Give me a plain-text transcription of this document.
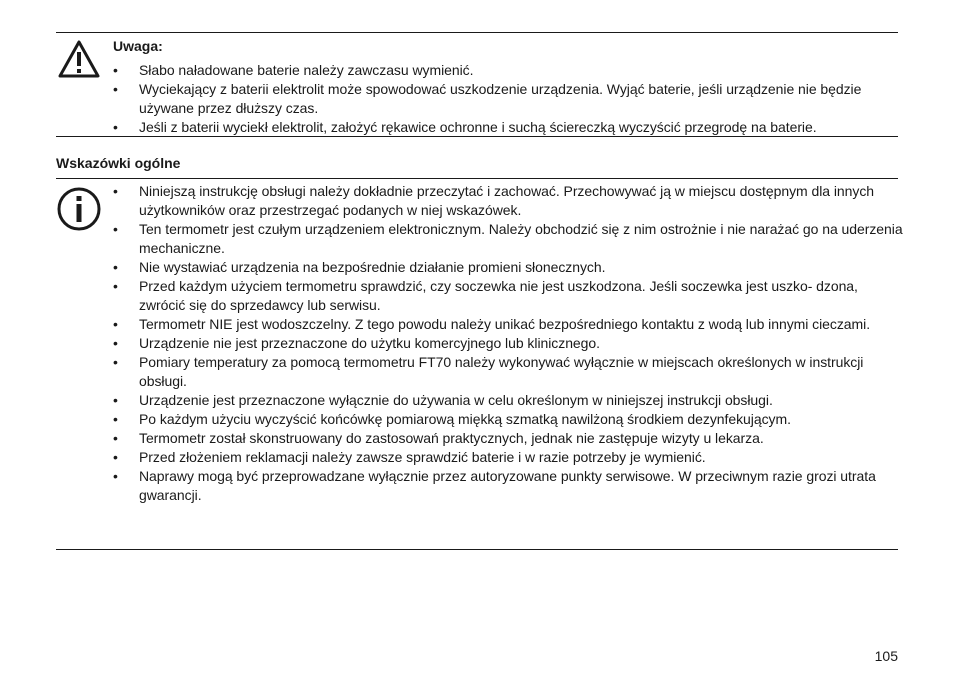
Uwaga:

• Słabo naładowane baterie należy zawczasu wymienić.
• Wyciekający z baterii elektrolit może spowodować uszkodzenie urządzenia. Wyjąć baterie, jeśli urządzenie nie będzie używane przez dłuższy czas.
• Jeśli z baterii wyciekł elektrolit, założyć rękawice ochronne i suchą ściereczką wyczyścić przegrodę na baterie.

Wskazówki ogólne

• Niniejszą instrukcję obsługi należy dokładnie przeczytać i zachować. Przechowywać ją w miejscu dostępnym dla innych użytkowników oraz przestrzegać podanych w niej wskazówek.
• Ten termometr jest czułym urządzeniem elektronicznym. Należy obchodzić się z nim ostrożnie i nie narażać go na uderzenia mechaniczne.
• Nie wystawiać urządzenia na bezpośrednie działanie promieni słonecznych.
• Przed każdym użyciem termometru sprawdzić, czy soczewka nie jest uszkodzona. Jeśli soczewka jest uszko- dzona, zwrócić się do sprzedawcy lub serwisu.
• Termometr NIE jest wodoszczelny. Z tego powodu należy unikać bezpośredniego kontaktu z wodą lub innymi cieczami.
• Urządzenie nie jest przeznaczone do użytku komercyjnego lub klinicznego.
• Pomiary temperatury za pomocą termometru FT70 należy wykonywać wyłącznie w miejscach określonych w instrukcji obsługi.
• Urządzenie jest przeznaczone wyłącznie do używania w celu określonym w niniejszej instrukcji obsługi.
• Po każdym użyciu wyczyścić końcówkę pomiarową miękką szmatką nawilżoną środkiem dezynfekującym.
• Termometr został skonstruowany do zastosowań praktycznych, jednak nie zastępuje wizyty u lekarza.
• Przed złożeniem reklamacji należy zawsze sprawdzić baterie i w razie potrzeby je wymienić.
• Naprawy mogą być przeprowadzane wyłącznie przez autoryzowane punkty serwisowe. W przeciwnym razie grozi utrata gwarancji.
105
